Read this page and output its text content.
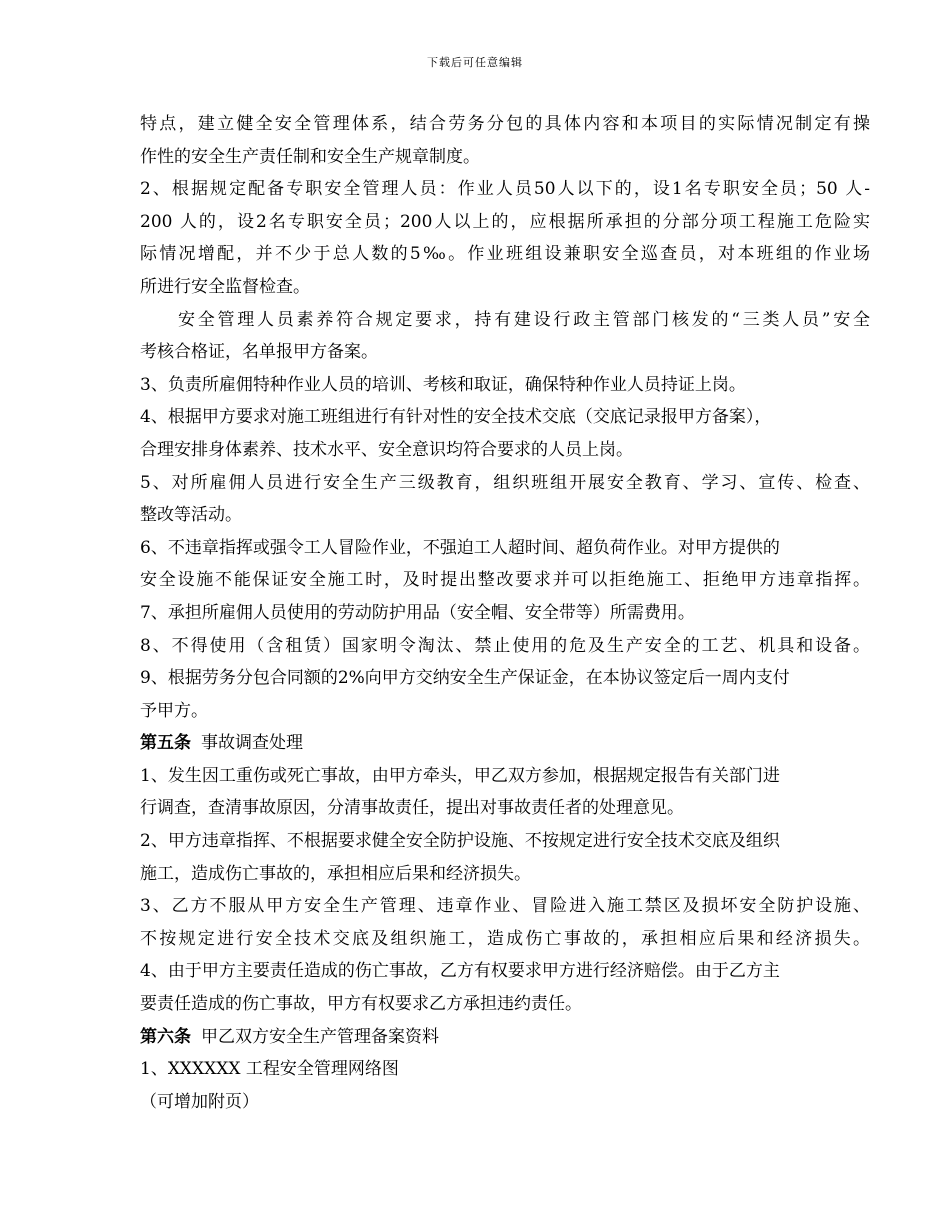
下载后可任意编辑
特点，建立健全安全管理体系，结合劳务分包的具体内容和本项目的实际情况制定有操
作性的安全生产责任制和安全生产规章制度。
2、根据规定配备专职安全管理人员：作业人员50人以下的，设1名专职安全员；50 人-
200 人的，设2名专职安全员；200人以上的，应根据所承担的分部分项工程施工危险实
际情况增配，并不少于总人数的5‰。作业班组设兼职安全巡查员，对本班组的作业场
所进行安全监督检查。
安全管理人员素养符合规定要求，持有建设行政主管部门核发的“三类人员”安全
考核合格证，名单报甲方备案。
3、负责所雇佣特种作业人员的培训、考核和取证，确保特种作业人员持证上岗。
4、根据甲方要求对施工班组进行有针对性的安全技术交底（交底记录报甲方备案），
合理安排身体素养、技术水平、安全意识均符合要求的人员上岗。
5、对所雇佣人员进行安全生产三级教育，组织班组开展安全教育、学习、宣传、检查、
整改等活动。
6、不违章指挥或强令工人冒险作业，不强迫工人超时间、超负荷作业。对甲方提供的
安全设施不能保证安全施工时，及时提出整改要求并可以拒绝施工、拒绝甲方违章指挥。
7、承担所雇佣人员使用的劳动防护用品（安全帽、安全带等）所需费用。
8、不得使用（含租赁）国家明令淘汰、禁止使用的危及生产安全的工艺、机具和设备。
9、根据劳务分包合同额的2%向甲方交纳安全生产保证金，在本协议签定后一周内支付
予甲方。
第五条 事故调查处理
1、发生因工重伤或死亡事故，由甲方牵头，甲乙双方参加，根据规定报告有关部门进
行调查，查清事故原因，分清事故责任，提出对事故责任者的处理意见。
2、甲方违章指挥、不根据要求健全安全防护设施、不按规定进行安全技术交底及组织
施工，造成伤亡事故的，承担相应后果和经济损失。
3、乙方不服从甲方安全生产管理、违章作业、冒险进入施工禁区及损坏安全防护设施、
不按规定进行安全技术交底及组织施工，造成伤亡事故的，承担相应后果和经济损失。
4、由于甲方主要责任造成的伤亡事故，乙方有权要求甲方进行经济赔偿。由于乙方主
要责任造成的伤亡事故，甲方有权要求乙方承担违约责任。
第六条 甲乙双方安全生产管理备案资料
1、XXXXXX 工程安全管理网络图
（可增加附页）
